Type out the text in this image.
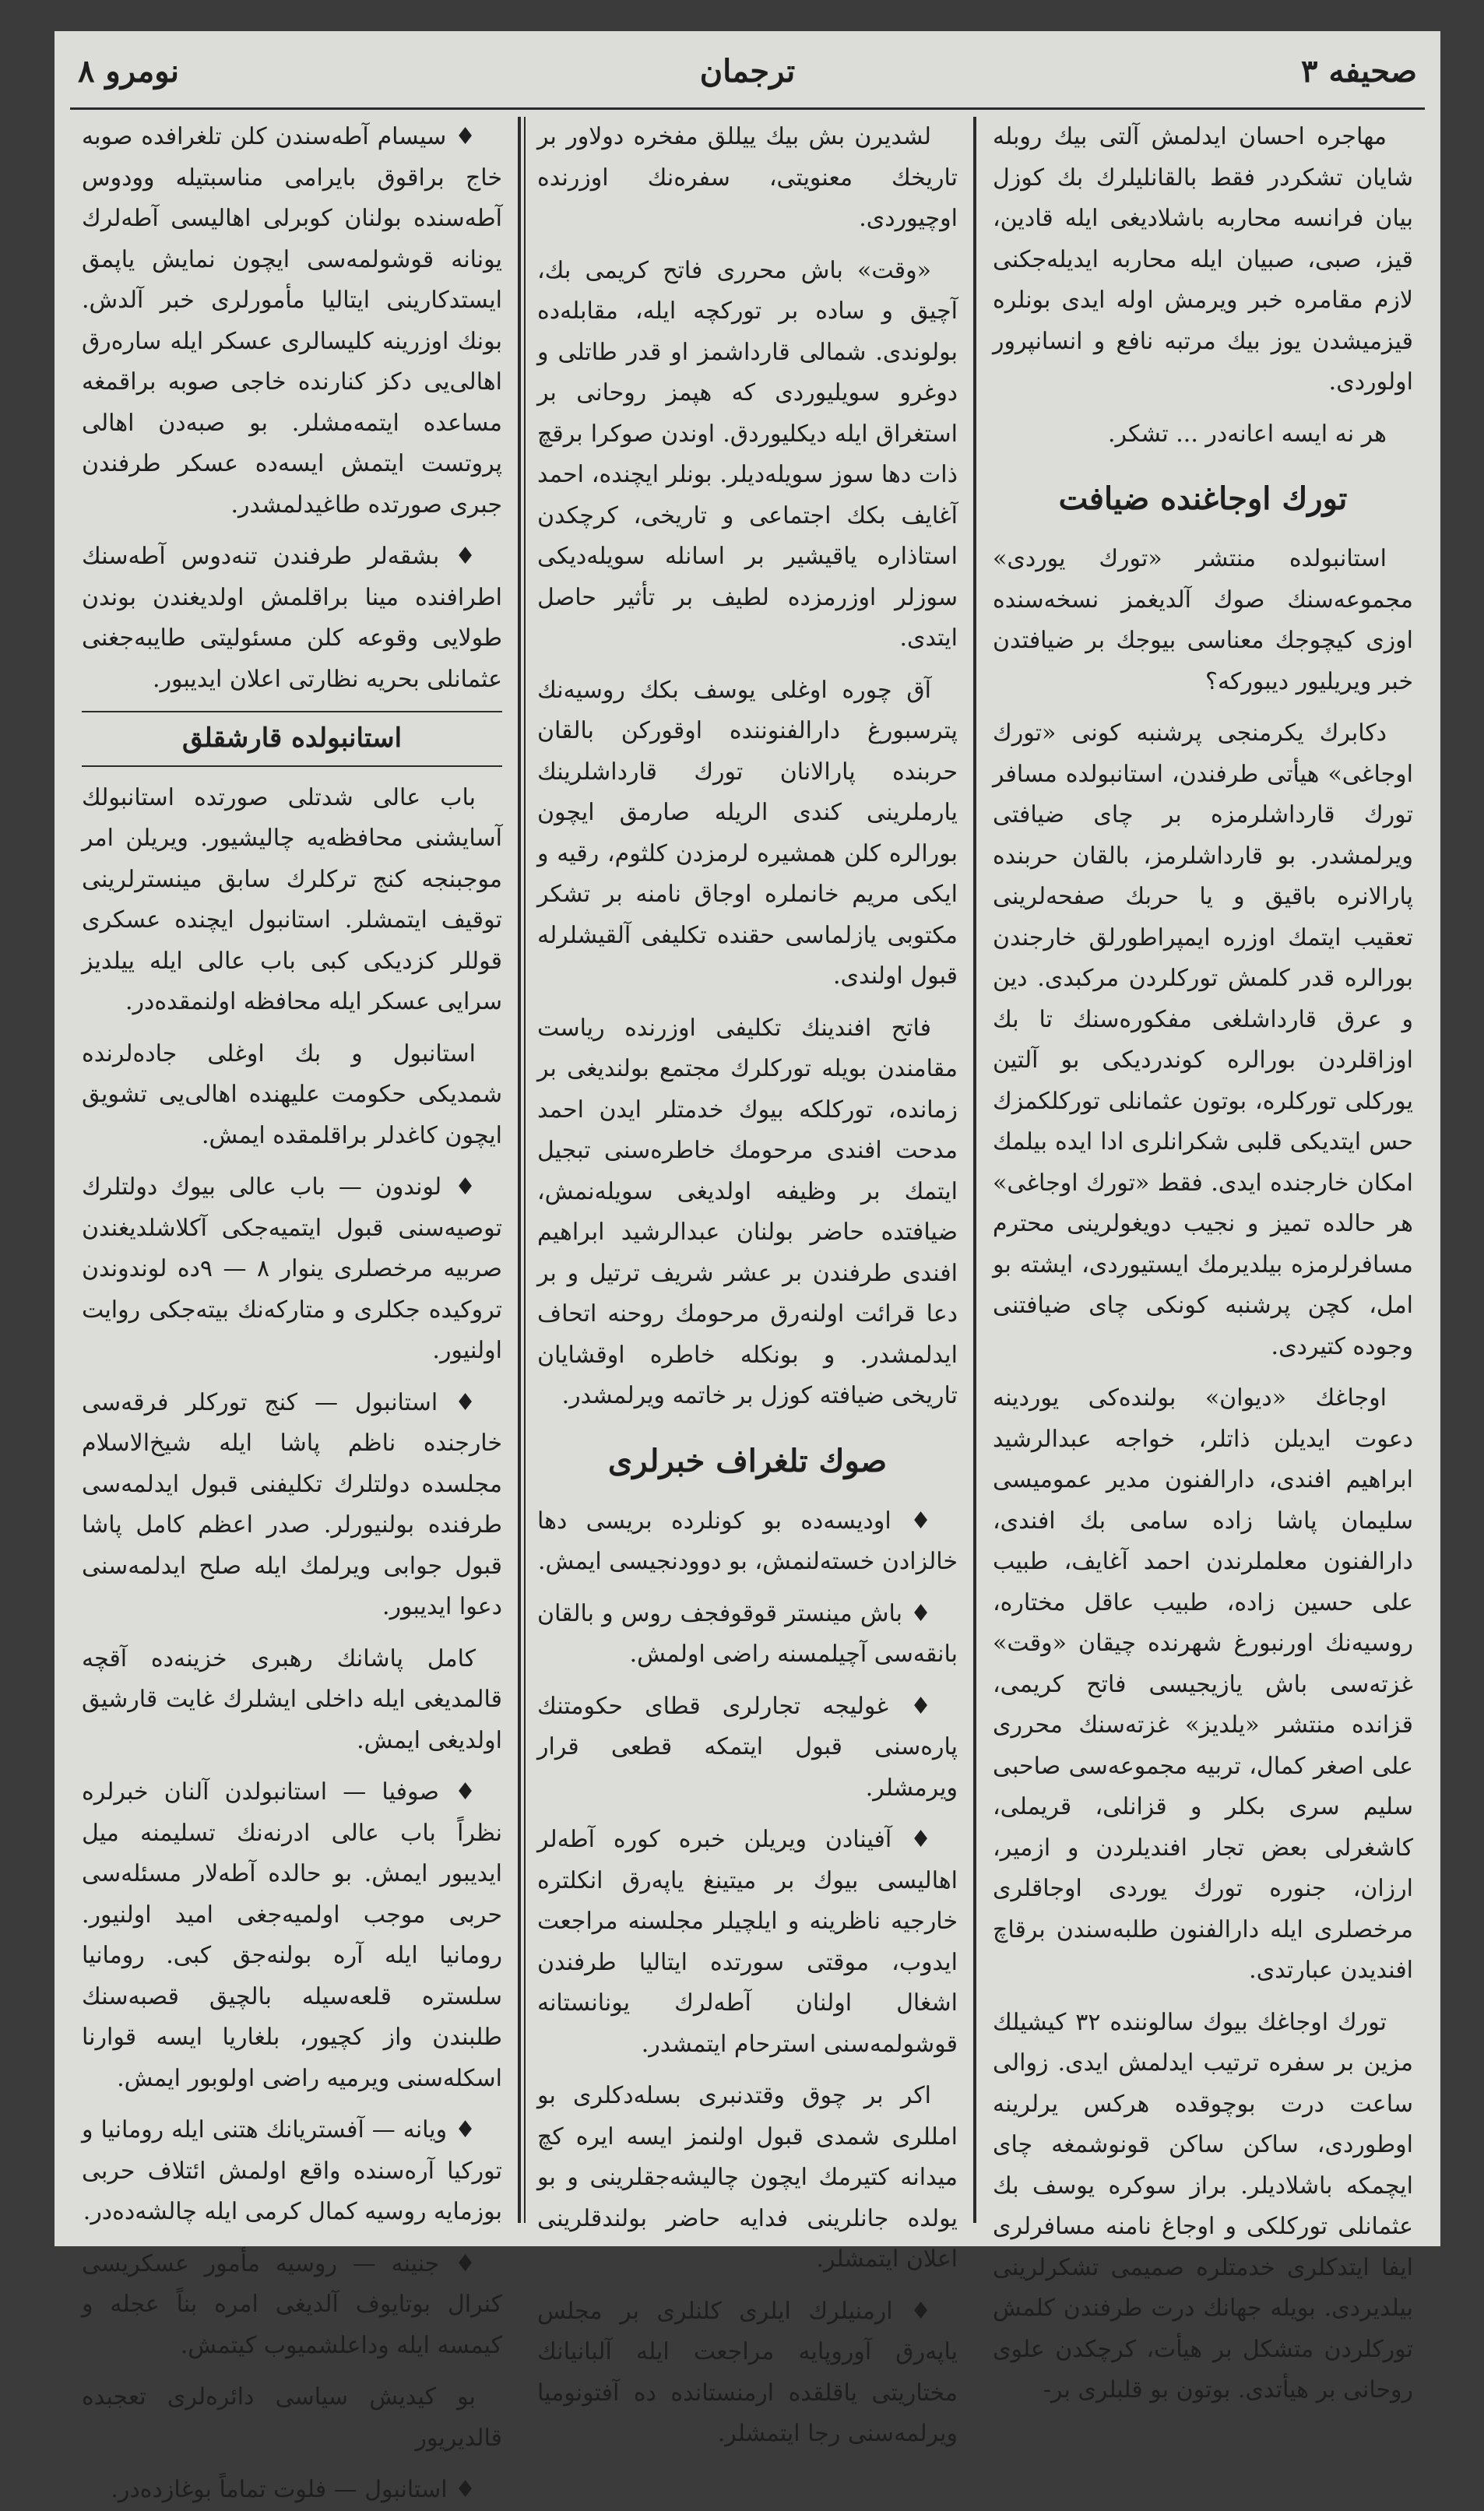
صحیفه ۳
ترجمان
نومرو ۸

مهاجره احسان ایدلمش آلتی بیك روبله شایان تشکردر فقط بالقانلیلرك بك کوزل بیان فرانسه محاربه باشلادیغی ایله قادین، قیز، صبی، صبیان ایله محاربه ایدیله‌جکنی لازم مقامره خبر ویرمش اوله ایدی بونلره قیزمیشدن یوز بیك مرتبه نافع و انسانپرور اولوردی.

هر نه ایسه اعانه‌در ... تشکر.

تورك اوجاغنده ضیافت

استانبولده منتشر «تورك یوردی» مجموعه‌سنك صوك آلدیغمز نسخه‌سنده اوزی کیچوجك معناسی بیوجك بر ضیافتدن خبر ویریلیور دیبورکه؟

دکابرك یکرمنجی پرشنبه کونی «تورك اوجاغی» هیأتی طرفندن، استانبولده مسافر تورك قارداشلرمزه بر چای ضیافتی ویرلمشدر. بو قارداشلرمز، بالقان حربنده پارالانره باقیق و یا حربك صفحه‌لرینی تعقیب ایتمك اوزره ایمپراطورلق خارجندن بورالره قدر کلمش تورکلردن مرکبدی. دین و عرق قارداشلغی مفکوره‌سنك تا بك اوزاقلردن بورالره کوندردیکی بو آلتین یورکلی تورکلره، بوتون عثمانلی تورکلکمزك حس ایتدیکی قلبی شکرانلری ادا ایده بیلمك امکان خارجنده ایدی. فقط «تورك اوجاغی» هر حالده تمیز و نجیب دویغولرینی محترم مسافرلرمزه بیلدیرمك ایستیوردی، ایشته بو امل، کچن پرشنبه کونکی چای ضیافتنی وجوده کتیردی.

اوجاغك «دیوان» بولنده‌کی یوردینه دعوت ایدیلن ذاتلر، خواجه عبدالرشید ابراهیم افندی، دارالفنون مدیر عمومیسی سلیمان پاشا زاده سامی بك افندی، دارالفنون معلملرندن احمد آغایف، طبیب علی حسین زاده، طبیب عاقل مختاره، روسیه‌نك اورنبورغ شهرنده چیقان «وقت» غزته‌سی باش یازیجیسی فاتح کریمی، قزانده منتشر «یلدیز» غزته‌سنك محرری علی اصغر کمال، تربیه مجموعه‌سی صاحبی سلیم سری بکلر و قزانلی، قریملی، کاشغرلی بعض تجار افندیلردن و ازمیر، ارزان، جنوره تورك یوردی اوجاقلری مرخصلری ایله دارالفنون طلبه‌سندن برقاچ افندیدن عبارتدی.

تورك اوجاغك بیوك سالوننده ۳۲ کیشیلك مزین بر سفره ترتیب ایدلمش ایدی. زوالی ساعت درت بوچوقده هرکس یرلرینه اوطوردی، ساکن ساکن قونوشمغه چای ایچمکه باشلادیلر. براز سوکره یوسف بك عثمانلی تورکلکی و اوجاغ نامنه مسافرلری ایفا ایتدکلری خدمتلره صمیمی تشکرلرینی بیلدیردی. بویله جهانك درت طرفندن کلمش تورکلردن متشکل بر هیأت، کرچکدن علوی روحانی بر هیأتدی. بوتون بو قلبلری بر-

لشدیرن بش بیك ییللق مفخره دولاور بر تاریخك معنویتی، سفره‌نك اوزرنده اوچیوردی.

«وقت» باش محرری فاتح کریمی بك، آچیق و ساده بر تورکچه ایله، مقابله‌ده بولوندی. شمالی قارداشمز او قدر طاتلی و دوغرو سویلیوردی که هپمز روحانی بر استغراق ایله دیکلیوردق. اوندن صوکرا برقچ ذات دها سوز سویله‌دیلر. بونلر ایچنده، احمد آغایف بکك اجتماعی و تاریخی، کرچکدن استاذاره یاقیشیر بر اسانله سویله‌دیکی سوزلر اوزرمزده لطیف بر تأثیر حاصل ایتدی.

آق چوره اوغلی یوسف بکك روسیه‌نك پترسبورغ دارالفنوننده اوقورکن بالقان حربنده پارالانان تورك قارداشلرینك یارملرینی کندی الریله صارمق ایچون بورالره کلن همشیره لرمزدن کلثوم، رقیه و ایکی مریم خانملره اوجاق نامنه بر تشکر مکتوبی یازلماسی حقنده تکلیفی آلقیشلرله قبول اولندی.

فاتح افندینك تکلیفی اوزرنده ریاست مقامندن بویله تورکلرك مجتمع بولندیغی بر زمانده، تورکلکه بیوك خدمتلر ایدن احمد مدحت افندی مرحومك خاطره‌سنی تبجیل ایتمك بر وظیفه اولدیغی سویله‌نمش، ضیافتده حاضر بولنان عبدالرشید ابراهیم افندی طرفندن بر عشر شریف ترتیل و بر دعا قرائت اولنه‌رق مرحومك روحنه اتحاف ایدلمشدر. و بونکله خاطره اوقشایان تاریخی ضیافته کوزل بر خاتمه ویرلمشدر.

صوك تلغراف خبرلری

♦ اودیسه‌ده بو کونلرده بریسی دها خالزادن خسته‌لنمش، بو دوودنجیسی ایمش.

♦ باش مینستر قوقوفجف روس و بالقان بانقه‌سی آچیلمسنه راضی اولمش.

♦ غولیجه تجارلری قطای حکومتنك پاره‌سنی قبول ایتمکه قطعی قرار ویرمشلر.

♦ آفینادن ویریلن خبره کوره آطه‌لر اهالیسی بیوك بر میتینغ یاپه‌رق انکلتره خارجیه ناظرینه و ایلچیلر مجلسنه مراجعت ایدوب، موقتی سورتده ایتالیا طرفندن اشغال اولنان آطه‌لرك یونانستانه قوشولمه‌سنی استرحام ایتمشدر.

اکر بر چوق وقتدنبری بسله‌دکلری بو امللری شمدی قبول اولنمز ایسه ایره کچ میدانه کتیرمك ایچون چالیشه‌جقلرینی و بو یولده جانلرینی فدایه حاضر بولندقلرینی اعلان ایتمشلر.

♦ ارمنیلرك ایلری کلنلری بر مجلس یاپه‌رق آوروپایه مراجعت ایله آلبانیانك مختاریتی یاقلقده ارمنستانده ده آفتونومیا ویرلمه‌سنی رجا ایتمشلر.

♦ سیسام آطه‌سندن کلن تلغرافده صوبه خاج براقوق بایرامی مناسبتیله وودوس آطه‌سنده بولنان کوبرلی اهالیسی آطه‌لرك یونانه قوشولمه‌سی ایچون نمایش یاپمق ایستدکارینی ایتالیا مأمورلری خبر آلدش. بونك اوزرینه کلیسالری عسکر ایله ساره‌رق اهالی‌یی دکز کنارنده خاجی صوبه براقمغه مساعده ایتمه‌مشلر. بو صبه‌دن اهالی پروتست ایتمش ایسه‌ده عسکر طرفندن جبری صورتده طاغیدلمشدر.

♦ بشقه‌لر طرفندن تنه‌دوس آطه‌سنك اطرافنده مینا براقلمش اولدیغندن بوندن طولایی وقوعه کلن مسئولیتی طایبه‌جغنی عثمانلی بحریه نظارتی اعلان ایدیبور.

استانبولده قارشقلق

باب عالی شدتلی صورتده استانبولك آسایشنی محافظه‌یه چالیشیور. ویریلن امر موجبنجه کنج ترکلرك سابق مینسترلرینی توقیف ایتمشلر. استانبول ایچنده عسکری قوللر کزدیکی کبی باب عالی ایله ییلدیز سرایی عسکر ایله محافظه اولنمقده‌در.

استانبول و بك اوغلی جاده‌لرنده شمدیکی حکومت علیهنده اهالی‌یی تشویق ایچون کاغدلر براقلمقده ایمش.

♦ لوندون — باب عالی بیوك دولتلرك توصیه‌سنی قبول ایتمیه‌جکی آکلاشلدیغندن صربیه مرخصلری ینوار ۸ — ۹ده لوندوندن تروکیده جکلری و متارکه‌نك بیته‌جکی روایت اولنیور.

♦ استانبول — کنج تورکلر فرقه‌سی خارجنده ناظم پاشا ایله شیخ‌الاسلام مجلسده دولتلرك تکلیفنی قبول ایدلمه‌سی طرفنده بولنیورلر. صدر اعظم کامل پاشا قبول جوابی ویرلمك ایله صلح ایدلمه‌سنی دعوا ایدیبور.

کامل پاشانك رهبری خزینه‌ده آقچه قالمدیغی ایله داخلی ایشلرك غایت قارشیق اولدیغی ایمش.

♦ صوفیا — استانبولدن آلنان خبرلره نظراً باب عالی ادرنه‌نك تسلیمنه میل ایدیبور ایمش. بو حالده آطه‌لار مسئله‌سی حربی موجب اولمیه‌جغی امید اولنیور. رومانیا ایله آره بولنه‌جق کبی. رومانیا سلستره قلعه‌سیله بالچیق قصبه‌سنك طلبندن واز کچیور، بلغاریا ایسه قوارنا اسکله‌سنی ویرمیه راضی اولوبور ایمش.

♦ ویانه — آفستریانك هتنی ایله رومانیا و تورکیا آره‌سنده واقع اولمش ائتلاف حربی بوزمایه روسیه کمال کرمی ایله چالشه‌ده‌در.

♦ جنینه — روسیه مأمور عسکریسی کنرال بوتایوف آلدیغی امره بناً عجله و کیمسه ایله وداعلشمیوب کیتمش.

بو کیدیش سیاسی دائره‌لری تعجبده قالدیریور

♦ استانبول — فلوت تماماً بوغازده‌در.
